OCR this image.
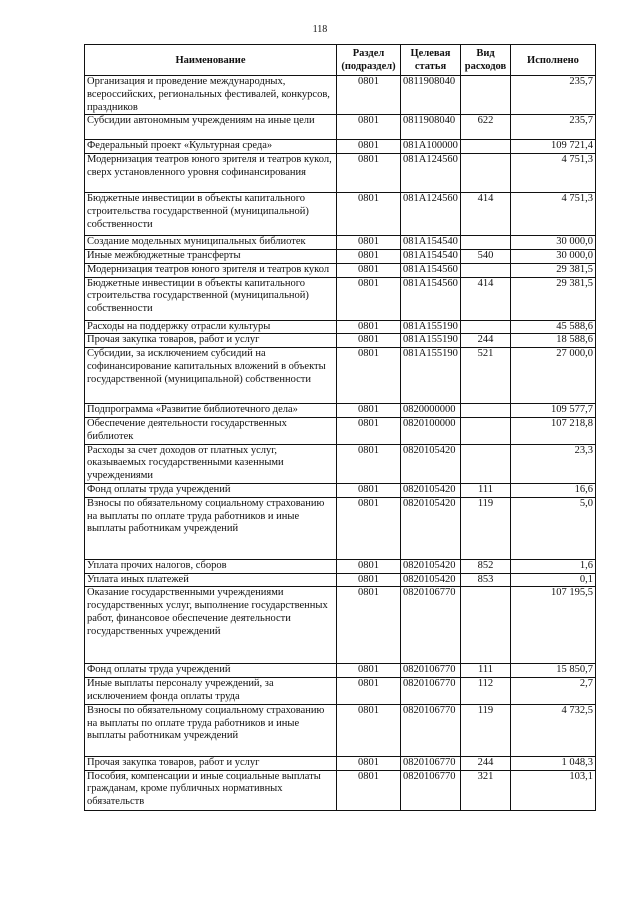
118
Наименование	Раздел (подраздел)	Целевая статья	Вид расходов	Исполнено
Организация и проведение международных, всероссийских, региональных фестивалей, конкурсов, праздников	0801	0811908040		235,7
Субсидии автономным учреждениям на иные цели	0801	0811908040	622	235,7
Федеральный проект «Культурная среда»	0801	081A100000		109 721,4
Модернизация театров юного зрителя и театров кукол, сверх установленного уровня софинансирования	0801	081A124560		4 751,3
Бюджетные инвестиции в объекты капитального строительства государственной (муниципальной) собственности	0801	081A124560	414	4 751,3
Создание модельных муниципальных библиотек	0801	081A154540		30 000,0
Иные межбюджетные трансферты	0801	081A154540	540	30 000,0
Модернизация театров юного зрителя и театров кукол	0801	081A154560		29 381,5
Бюджетные инвестиции в объекты капитального строительства государственной (муниципальной) собственности	0801	081A154560	414	29 381,5
Расходы на поддержку отрасли культуры	0801	081A155190		45 588,6
Прочая закупка товаров, работ и услуг	0801	081A155190	244	18 588,6
Субсидии, за исключением субсидий на софинансирование капитальных вложений в объекты государственной (муниципальной) собственности	0801	081A155190	521	27 000,0
Подпрограмма «Развитие библиотечного дела»	0801	0820000000		109 577,7
Обеспечение деятельности государственных библиотек	0801	0820100000		107 218,8
Расходы за счет доходов от платных услуг, оказываемых государственными казенными учреждениями	0801	0820105420		23,3
Фонд оплаты труда учреждений	0801	0820105420	111	16,6
Взносы по обязательному социальному страхованию на выплаты по оплате труда работников и иные выплаты работникам учреждений	0801	0820105420	119	5,0
Уплата прочих налогов, сборов	0801	0820105420	852	1,6
Уплата иных платежей	0801	0820105420	853	0,1
Оказание государственными учреждениями государственных услуг, выполнение государственных работ, финансовое обеспечение деятельности государственных учреждений	0801	0820106770		107 195,5
Фонд оплаты труда учреждений	0801	0820106770	111	15 850,7
Иные выплаты персоналу учреждений, за исключением фонда оплаты труда	0801	0820106770	112	2,7
Взносы по обязательному социальному страхованию на выплаты по оплате труда работников и иные выплаты работникам учреждений	0801	0820106770	119	4 732,5
Прочая закупка товаров, работ и услуг	0801	0820106770	244	1 048,3
Пособия, компенсации и иные социальные выплаты гражданам, кроме публичных нормативных обязательств	0801	0820106770	321	103,1
